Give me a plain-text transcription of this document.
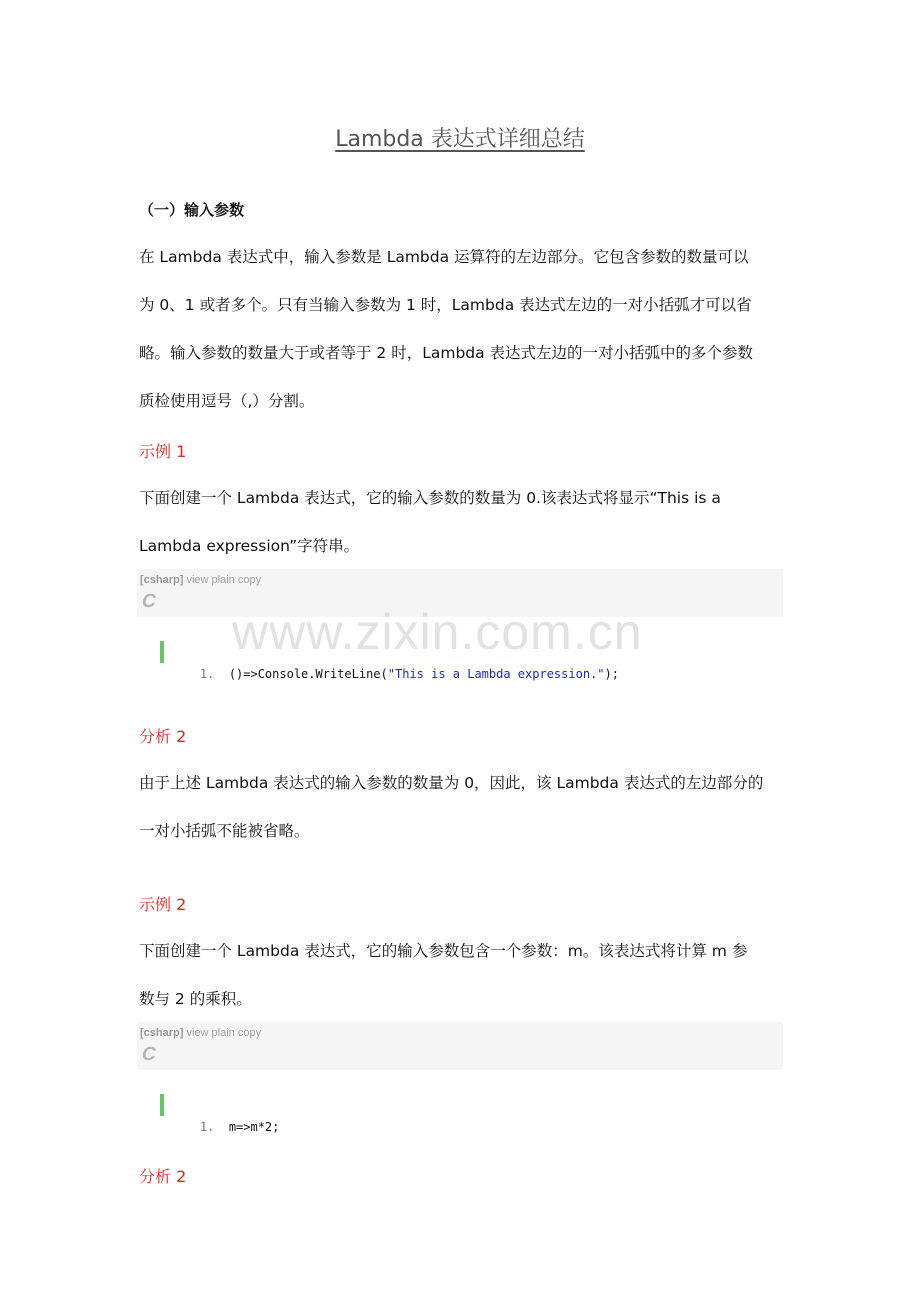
Lambda 表达式详细总结
（一）输入参数
在 Lambda 表达式中，输入参数是 Lambda 运算符的左边部分。它包含参数的数量可以
为 0、1 或者多个。只有当输入参数为 1 时，Lambda 表达式左边的一对小括弧才可以省
略。输入参数的数量大于或者等于 2 时，Lambda 表达式左边的一对小括弧中的多个参数
质检使用逗号（,）分割。
示例 1
下面创建一个 Lambda 表达式，它的输入参数的数量为 0.该表达式将显示“This is a
Lambda expression”字符串。
[csharp] view plain copy
C

1. ()=>Console.WriteLine("This is a Lambda expression.");

分析 2
由于上述 Lambda 表达式的输入参数的数量为 0，因此，该 Lambda 表达式的左边部分的
一对小括弧不能被省略。
示例 2
下面创建一个 Lambda 表达式，它的输入参数包含一个参数：m。该表达式将计算 m 参
数与 2 的乘积。
[csharp] view plain copy
C

1. m=>m*2;

分析 2
www.zixin.com.cn
